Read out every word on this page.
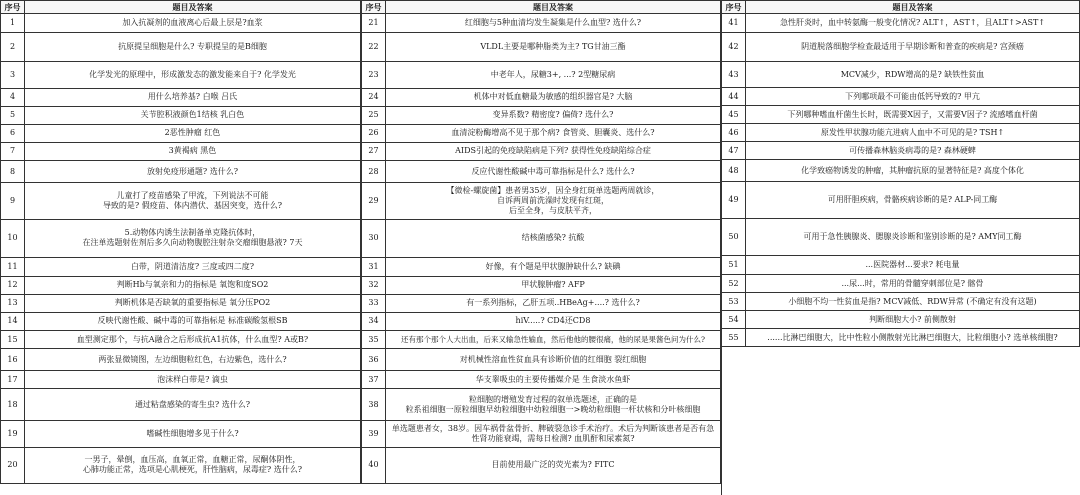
序号	题目及答案
1	加入抗凝剂的血液离心后最上层是?血浆
2	抗原提呈细胞是什么? 专职提呈的是B细胞
3	化学发光的原理中，形成激发态的激发能来自于? 化学发光
4	用什么培养基? 白喉 吕氏
5	关节腔积液颜色1结核 乳白色
6	2恶性肿瘤 红色
7	3黄褐病 黑色
8	放射免疫形通题? 选什么?
9	儿童打了疫苗感染了甲流，下列说法不可能
导致的是? 假疫苗、体内潜伏、基因突变，选什么?
10	5.动物体内诱生法制备单克隆抗体时，
在注单选题射佐剂后多久向动物腹腔注射杂交瘤细胞悬液? 7天
11	白带，阴道清洁度? 三度或四二度?
12	判断Hb与氧亲和力的指标是 氧饱和度SO2
13	判断机体是否缺氧的重要指标是 氧分压PO2
14	反映代谢性酸、碱中毒的可靠指标是 标准碳酸氢根SB
15	血型测定那个，与抗A融合之后形成抗A1抗体，什么血型? A或B?
16	两张显微镜图，左边细胞粒红色，右边紫色，选什么?
17	泡沫样白带是? 滴虫
18	通过粘盘感染的寄生虫? 选什么?
19	嗜碱性细胞增多见于什么?
20	一男子，晕倒，血压高，血氧正常，血糖正常，尿酮体阴性，
心肺功能正常，选项是心肌梗死，肝性脑病，尿毒症? 选什么?
序号	题目及答案
21	红细胞与5种血清均发生凝集是什么血型? 选什么?
22	VLDL主要是哪种脂类为主? TG甘油三酯
23	中老年人，尿糖3+, ...? 2型糖尿病
24	机体中对低血糖最为敏感的组织器官是? 大脑
25	变异系数? 精密度? 偏倚? 选什么?
26	血清淀粉酶增高不见于那个病? 食管炎、胆囊炎、选什么?
27	AIDS引起的免疫缺陷病是下列? 获得性免疫缺陷综合症
28	反应代谢性酸碱中毒可靠指标是什么? 选什么?
29	【微检-螺旋菌】患者男35岁，因全身红斑单选题两周就诊，
自诉两周前洗澡时发现有红斑，
后至全身，与皮肤平齐，
30	结核菌感染? 抗酸
31	好像，有个题是甲状腺肿缺什么? 缺碘
32	甲状腺肿瘤? AFP
33	有一系列指标，乙肝五项..HBeAg+....? 选什么?
34	hiV.....? CD4还CD8
35	还有那个那个人大出血，后来又输急性输血，然后他他的腰很痛，他的尿是果酱色问为什么?
36	对机械性溶血性贫血具有诊断价值的红细胞 裂红细胞
37	华支睾吸虫的主要传播媒介是 生食淡水鱼虾
38	粒细胞的增殖发育过程的叙单选题述，正确的是
粒系祖细胞一原粒细胞早幼粒细胞中幼粒细胞一>晚幼粒细胞一杆状核和分叶核细胞
39	单选题患者女，38岁。因车祸骨盆骨折、脾破裂急诊手术治疗。术后为判断该患者是否有急性肾功能衰竭，需每日检测? 血肌酐和尿素氮?
40	目前使用最广泛的荧光素为? FITC
序号	题目及答案
41	急性肝炎时，血中转氨酶一般变化情况? ALT↑，AST↑，且ALT↑>AST↑
42	阴道脱落细胞学检查最适用于早期诊断和普查的疾病是? 宫颈癌
43	MCV减少，RDW增高的是? 缺铁性贫血
44	下列哪项最不可能由低钙导致的? 甲亢
45	下列哪种嗜血杆菌生长时，既需要X因子，又需要V因子? 流感嗜血杆菌
46	原发性甲状腺功能亢进病人血中不可见的是? TSH↑
47	可传播森林脑炎病毒的是? 森林硬蜱
48	化学致癌物诱发的肿瘤，其肿瘤抗原的显著特征是? 高度个体化
49	可用肝胆疾病，骨骼疾病诊断的是? ALP-同工酶
50	可用于急性胰腺炎、腮腺炎诊断和鉴别诊断的是? AMY同工酶
51	...医院器材...要求? 耗电量
52	...尿...时，常用的骨髓穿刺部位是? 髂骨
53	小细胞不均一性贫血是指? MCV减低、RDW异常 (不确定有没有这题)
54	判断细胞大小? 前侧散射
55	......比淋巴细胞大，比中性粒小侧散射光比淋巴细胞大，比粒细胞小? 选单核细胞?
